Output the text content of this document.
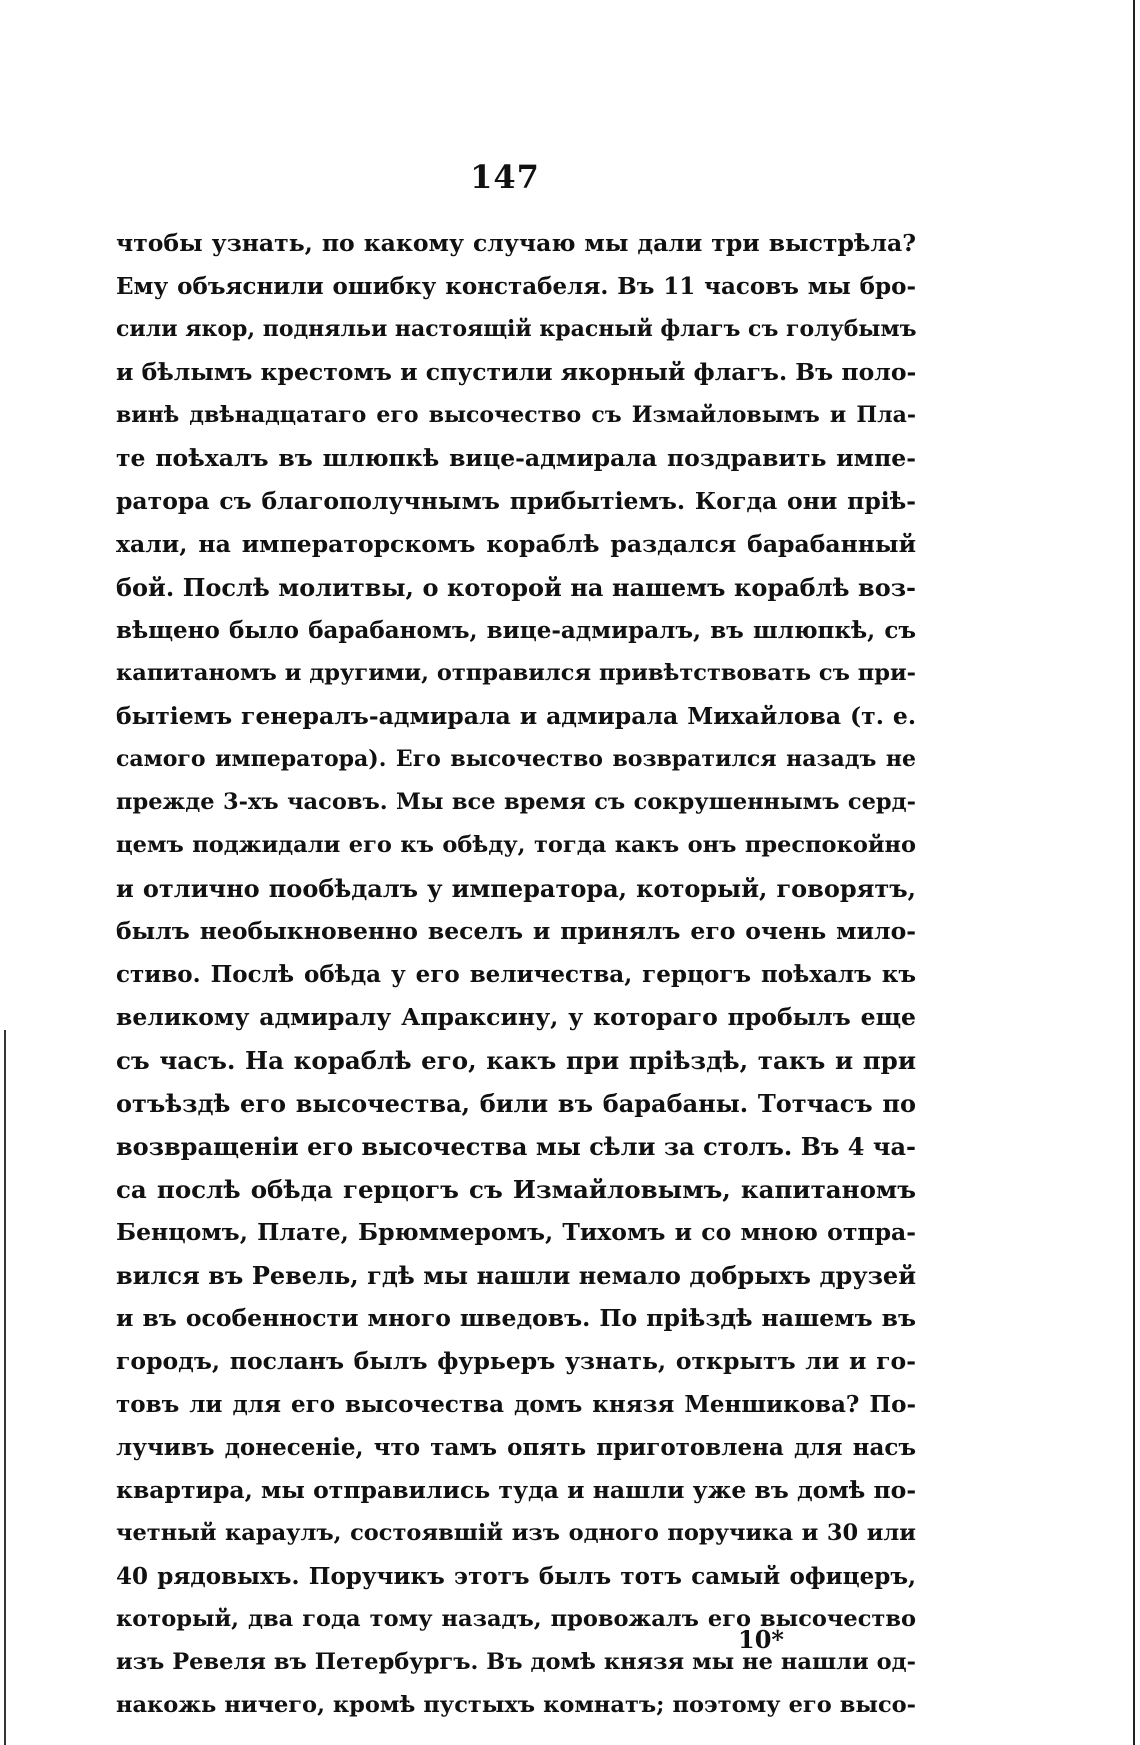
147
чтобы узнать, по какому случаю мы дали три выстрѣла?
Ему объяснили ошибку констабеля. Въ 11 часовъ мы бро-
сили якор, подняльи настоящій красный флагъ съ голубымъ
и бѣлымъ крестомъ и спустили якорный флагъ. Въ поло-
винѣ двѣнадцатаго его высочество съ Измайловымъ и Пла-
те поѣхалъ въ шлюпкѣ вице-адмирала поздравить импе-
ратора съ благополучнымъ прибытіемъ. Когда они пріѣ-
хали, на императорскомъ кораблѣ раздался барабанный
бой. Послѣ молитвы, о которой на нашемъ кораблѣ воз-
вѣщено было барабаномъ, вице-адмиралъ, въ шлюпкѣ, съ
капитаномъ и другими, отправился привѣтствовать съ при-
бытіемъ генералъ-адмирала и адмирала Михайлова (т. е.
самого императора). Его высочество возвратился назадъ не
прежде 3-хъ часовъ. Мы все время съ сокрушеннымъ серд-
цемъ поджидали его къ обѣду, тогда какъ онъ преспокойно
и отлично пообѣдалъ у императора, который, говорятъ,
былъ необыкновенно веселъ и принялъ его очень мило-
стиво. Послѣ обѣда у его величества, герцогъ поѣхалъ къ
великому адмиралу Апраксину, у котораго пробылъ еще
съ часъ. На кораблѣ его, какъ при пріѣздѣ, такъ и при
отъѣздѣ его высочества, били въ барабаны. Тотчасъ по
возвращеніи его высочества мы сѣли за столъ. Въ 4 ча-
са послѣ обѣда герцогъ съ Измайловымъ, капитаномъ
Бенцомъ, Плате, Брюммеромъ, Тихомъ и со мною отпра-
вился въ Ревель, гдѣ мы нашли немало добрыхъ друзей
и въ особенности много шведовъ. По пріѣздѣ нашемъ въ
городъ, посланъ былъ фурьеръ узнать, открытъ ли и го-
товъ ли для его высочества домъ князя Меншикова? По-
лучивъ донесеніе, что тамъ опять приготовлена для насъ
квартира, мы отправились туда и нашли уже въ домѣ по-
четный караулъ, состоявшій изъ одного поручика и 30 или
40 рядовыхъ. Поручикъ этотъ былъ тотъ самый офицеръ,
который, два года тому назадъ, провожалъ его высочество
изъ Ревеля въ Петербургъ. Въ домѣ князя мы не нашли од-
накожь ничего, кромѣ пустыхъ комнатъ; поэтому его высо-
10*
